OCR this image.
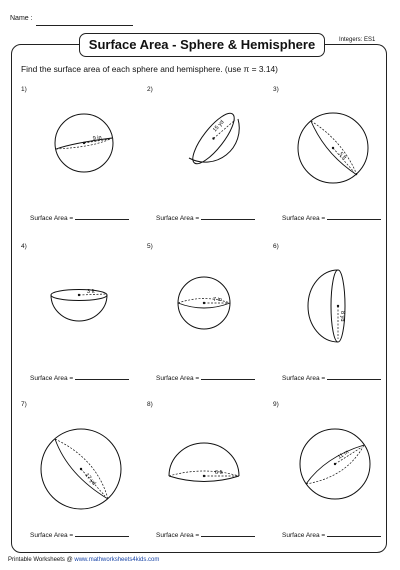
Name :
Surface Area - Sphere & Hemisphere	Integers: ES1
Find the surface area of each sphere and hemisphere. (use π = 3.14)
1)
9 in
Surface Area =
2)
15 yd
Surface Area =
3)
5 ft
Surface Area =
4)
3 ft
Surface Area =
5)
7 in
Surface Area =
6)
8 yd
Surface Area =
7)
17 yd
Surface Area =
8)
6 ft
Surface Area =
9)
11 m
Surface Area =
Printable Worksheets @ www.mathworksheets4kids.com
